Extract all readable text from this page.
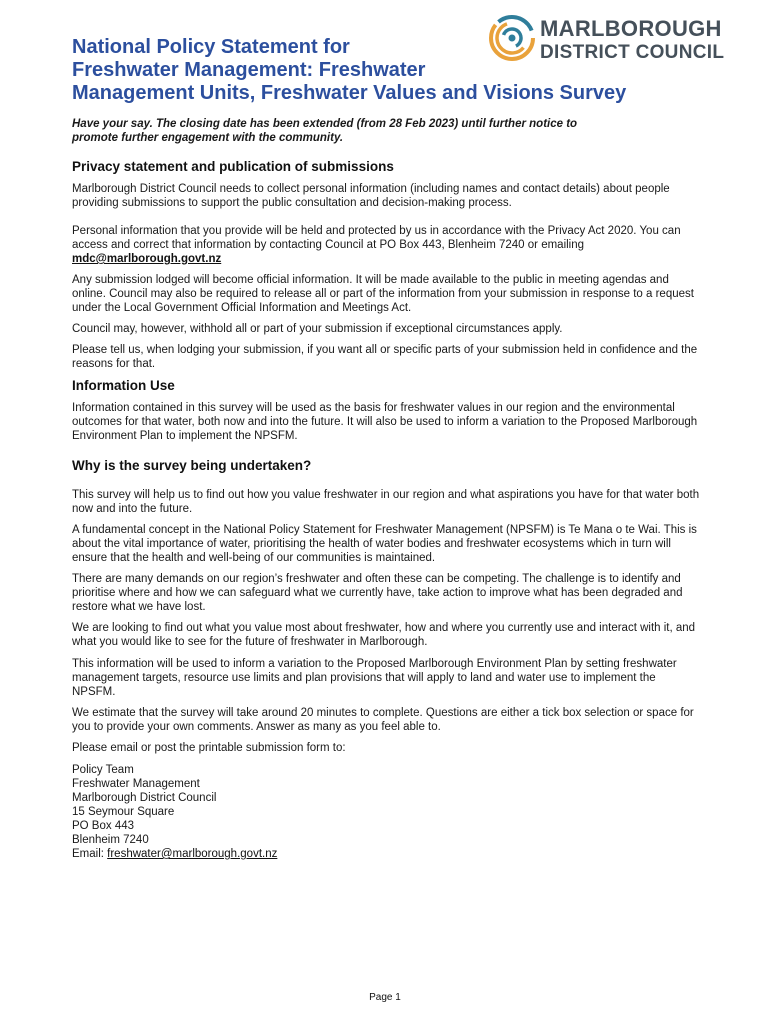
MARLBOROUGH
DISTRICT COUNCIL
National Policy Statement for
Freshwater Management: Freshwater
Management Units, Freshwater Values and Visions Survey
Have your say. The closing date has been extended (from 28 Feb 2023) until further notice to
promote further engagement with the community.
Privacy statement and publication of submissions

Marlborough District Council needs to collect personal information (including names and contact details) about people providing submissions to support the public consultation and decision-making process.

Personal information that you provide will be held and protected by us in accordance with the Privacy Act 2020. You can access and correct that information by contacting Council at PO Box 443, Blenheim 7240 or emailing mdc@marlborough.govt.nz

Any submission lodged will become official information. It will be made available to the public in meeting agendas and online. Council may also be required to release all or part of the information from your submission in response to a request under the Local Government Official Information and Meetings Act.

Council may, however, withhold all or part of your submission if exceptional circumstances apply.

Please tell us, when lodging your submission, if you want all or specific parts of your submission held in confidence and the reasons for that.

Information Use

Information contained in this survey will be used as the basis for freshwater values in our region and the environmental outcomes for that water, both now and into the future. It will also be used to inform a variation to the Proposed Marlborough Environment Plan to implement the NPSFM.

Why is the survey being undertaken?

This survey will help us to find out how you value freshwater in our region and what aspirations you have for that water both now and into the future.

A fundamental concept in the National Policy Statement for Freshwater Management (NPSFM) is Te Mana o te Wai. This is about the vital importance of water, prioritising the health of water bodies and freshwater ecosystems which in turn will ensure that the health and well-being of our communities is maintained.

There are many demands on our region’s freshwater and often these can be competing. The challenge is to identify and prioritise where and how we can safeguard what we currently have, take action to improve what has been degraded and restore what we have lost.

We are looking to find out what you value most about freshwater, how and where you currently use and interact with it, and what you would like to see for the future of freshwater in Marlborough.

This information will be used to inform a variation to the Proposed Marlborough Environment Plan by setting freshwater management targets, resource use limits and plan provisions that will apply to land and water use to implement the NPSFM.

We estimate that the survey will take around 20 minutes to complete. Questions are either a tick box selection or space for you to provide your own comments. Answer as many as you feel able to.

Please email or post the printable submission form to:

Policy Team
Freshwater Management
Marlborough District Council
15 Seymour Square
PO Box 443
Blenheim 7240
Email: freshwater@marlborough.govt.nz
Page 1
